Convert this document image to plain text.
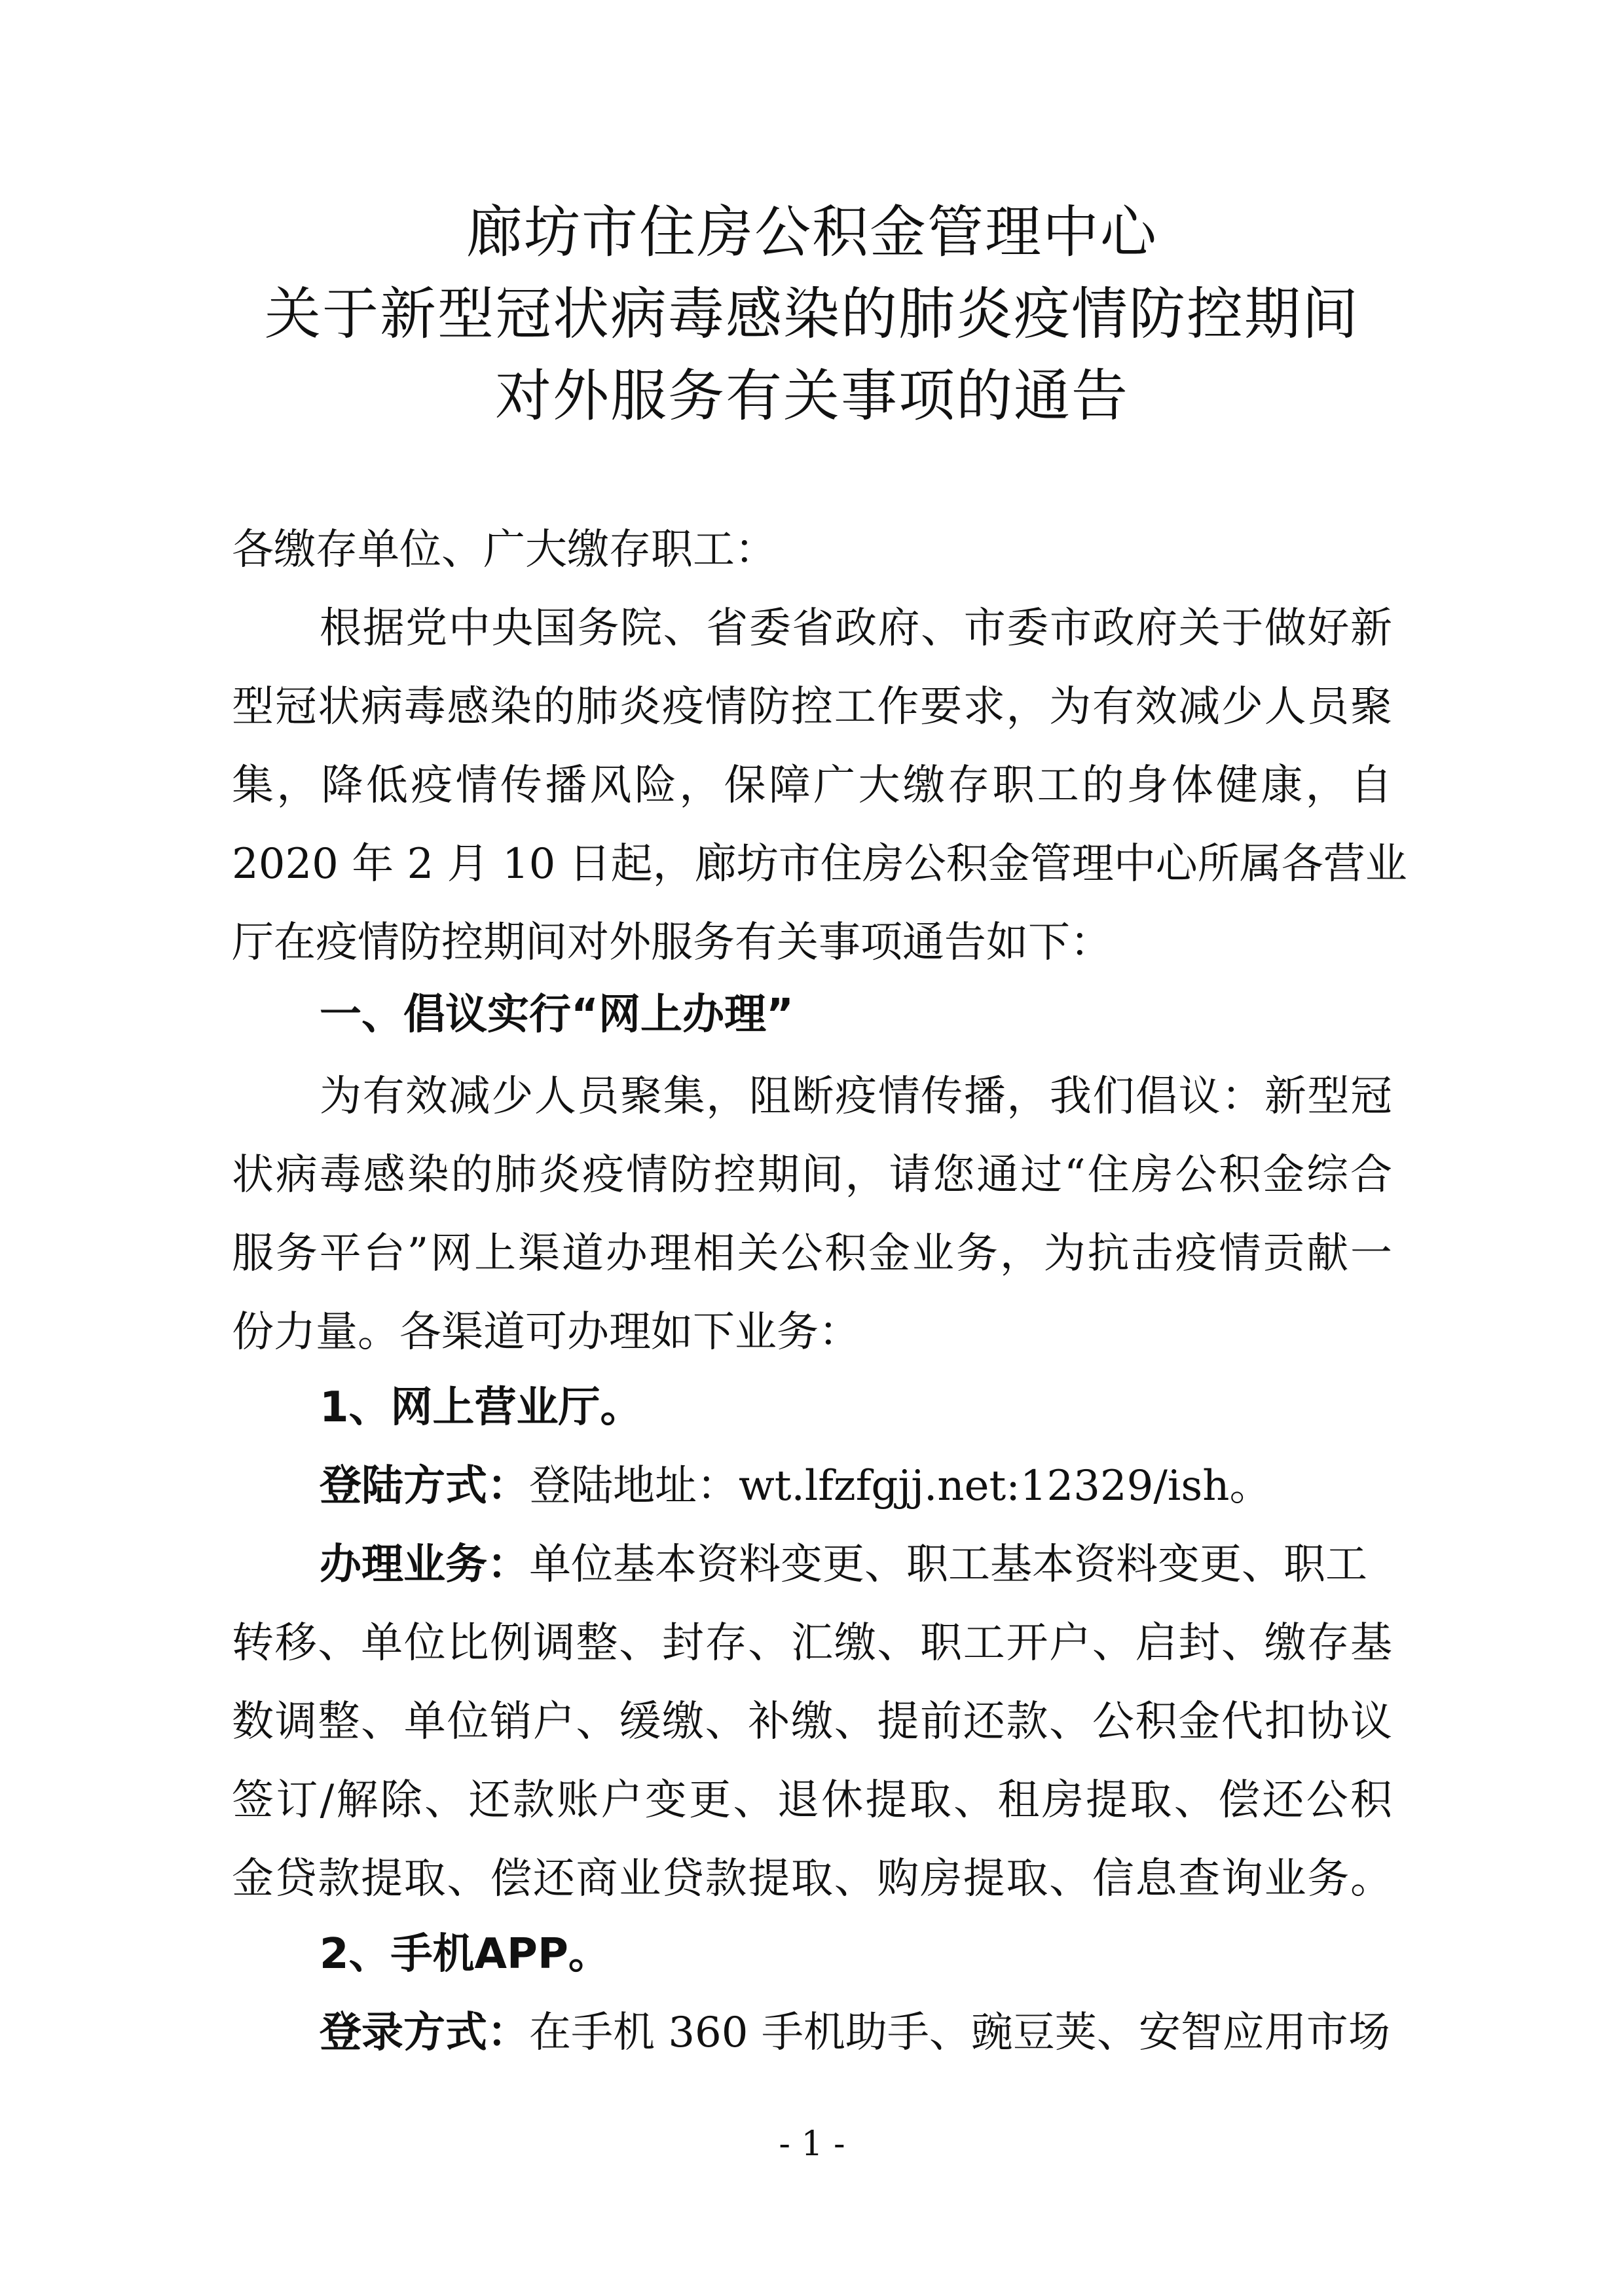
廊坊市住房公积金管理中心
关于新型冠状病毒感染的肺炎疫情防控期间
对外服务有关事项的通告
各缴存单位、广大缴存职工：
根据党中央国务院、省委省政府、市委市政府关于做好新
型冠状病毒感染的肺炎疫情防控工作要求，为有效减少人员聚
集，降低疫情传播风险，保障广大缴存职工的身体健康，自
2020 年 2 月 10 日起，廊坊市住房公积金管理中心所属各营业
厅在疫情防控期间对外服务有关事项通告如下：
一、倡议实行“网上办理”
为有效减少人员聚集，阻断疫情传播，我们倡议：新型冠
状病毒感染的肺炎疫情防控期间，请您通过“住房公积金综合
服务平台”网上渠道办理相关公积金业务，为抗击疫情贡献一
份力量。各渠道可办理如下业务：
1、网上营业厅。
登陆方式：登陆地址：wt.lfzfgjj.net:12329/ish。
办理业务：单位基本资料变更、职工基本资料变更、职工
转移、单位比例调整、封存、汇缴、职工开户、启封、缴存基
数调整、单位销户、缓缴、补缴、提前还款、公积金代扣协议
签订/解除、还款账户变更、退休提取、租房提取、偿还公积
金贷款提取、偿还商业贷款提取、购房提取、信息查询业务。
2、手机APP。
登录方式：在手机 360 手机助手、豌豆荚、安智应用市场
- 1 -
